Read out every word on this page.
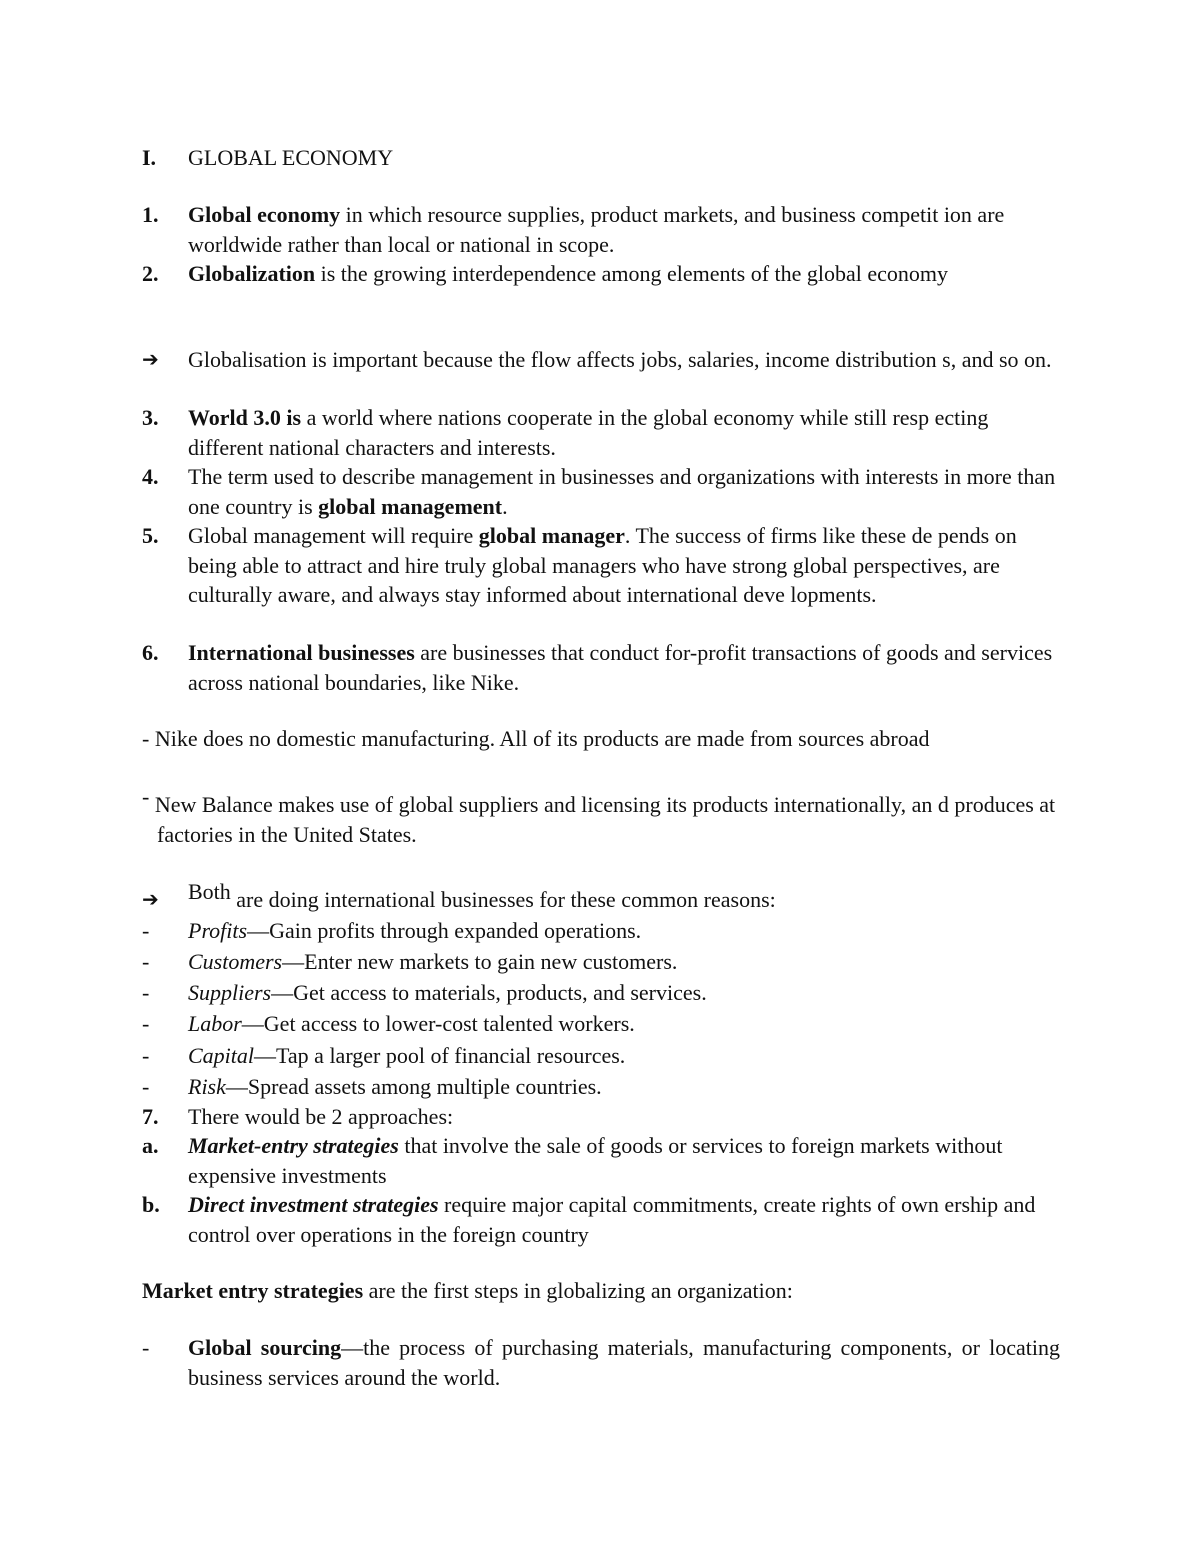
I.	GLOBAL ECONOMY
1.	Global economy in which resource supplies, product markets, and business competit ion are worldwide rather than local or national in scope.
2.	Globalization is the growing interdependence among elements of the global economy
➔	Globalisation is important because the flow affects jobs, salaries, income distribution s, and so on.
3.	World 3.0 is a world where nations cooperate in the global economy while still resp ecting different national characters and interests.
4.	The term used to describe management in businesses and organizations with interests in more than one country is global management.
5.	Global management will require global manager. The success of firms like these de pends on being able to attract and hire truly global managers who have strong global perspectives, are culturally aware, and always stay informed about international deve lopments.
6.	International businesses are businesses that conduct for-profit transactions of goods and services across national boundaries, like Nike.
- Nike does no domestic manufacturing. All of its products are made from sources abroad
- New Balance makes use of global suppliers and licensing its products internationally, an d produces at factories in the United States.
➔	Both are doing international businesses for these common reasons:
-	Profits—Gain profits through expanded operations.
-	Customers—Enter new markets to gain new customers.
-	Suppliers—Get access to materials, products, and services.
-	Labor—Get access to lower-cost talented workers.
-	Capital—Tap a larger pool of financial resources.
-	Risk—Spread assets among multiple countries.
7.	There would be 2 approaches:
a.	Market-entry strategies that involve the sale of goods or services to foreign markets without expensive investments
b.	Direct investment strategies require major capital commitments, create rights of own ership and control over operations in the foreign country
Market entry strategies are the first steps in globalizing an organization:
-	Global sourcing—the process of purchasing materials, manufacturing components, or locating business services around the world.
